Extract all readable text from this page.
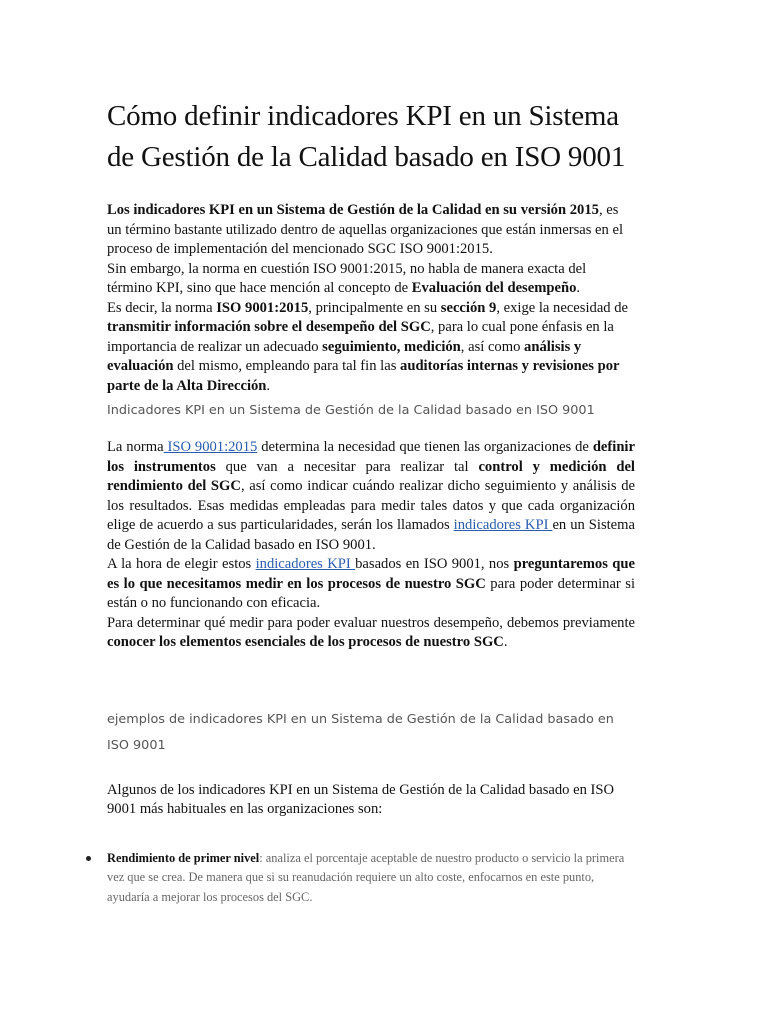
Cómo definir indicadores KPI en un Sistema de Gestión de la Calidad basado en ISO 9001

Los indicadores KPI en un Sistema de Gestión de la Calidad en su versión 2015, es un término bastante utilizado dentro de aquellas organizaciones que están inmersas en el proceso de implementación del mencionado SGC ISO 9001:2015.
Sin embargo, la norma en cuestión ISO 9001:2015, no habla de manera exacta del término KPI, sino que hace mención al concepto de Evaluación del desempeño.
Es decir, la norma ISO 9001:2015, principalmente en su sección 9, exige la necesidad de transmitir información sobre el desempeño del SGC, para lo cual pone énfasis en la importancia de realizar un adecuado seguimiento, medición, así como análisis y evaluación del mismo, empleando para tal fin las auditorías internas y revisiones por parte de la Alta Dirección.

Indicadores KPI en un Sistema de Gestión de la Calidad basado en ISO 9001

La norma ISO 9001:2015 determina la necesidad que tienen las organizaciones de definir los instrumentos que van a necesitar para realizar tal control y medición del rendimiento del SGC, así como indicar cuándo realizar dicho seguimiento y análisis de los resultados. Esas medidas empleadas para medir tales datos y que cada organización elige de acuerdo a sus particularidades, serán los llamados indicadores KPI en un Sistema de Gestión de la Calidad basado en ISO 9001.
A la hora de elegir estos indicadores KPI basados en ISO 9001, nos preguntaremos que es lo que necesitamos medir en los procesos de nuestro SGC para poder determinar si están o no funcionando con eficacia.
Para determinar qué medir para poder evaluar nuestros desempeño, debemos previamente conocer los elementos esenciales de los procesos de nuestro SGC.

ejemplos de indicadores KPI en un Sistema de Gestión de la Calidad basado en ISO 9001

Algunos de los indicadores KPI en un Sistema de Gestión de la Calidad basado en ISO 9001 más habituales en las organizaciones son:

Rendimiento de primer nivel: analiza el porcentaje aceptable de nuestro producto o servicio la primera vez que se crea. De manera que si su reanudación requiere un alto coste, enfocarnos en este punto, ayudaría a mejorar los procesos del SGC.
